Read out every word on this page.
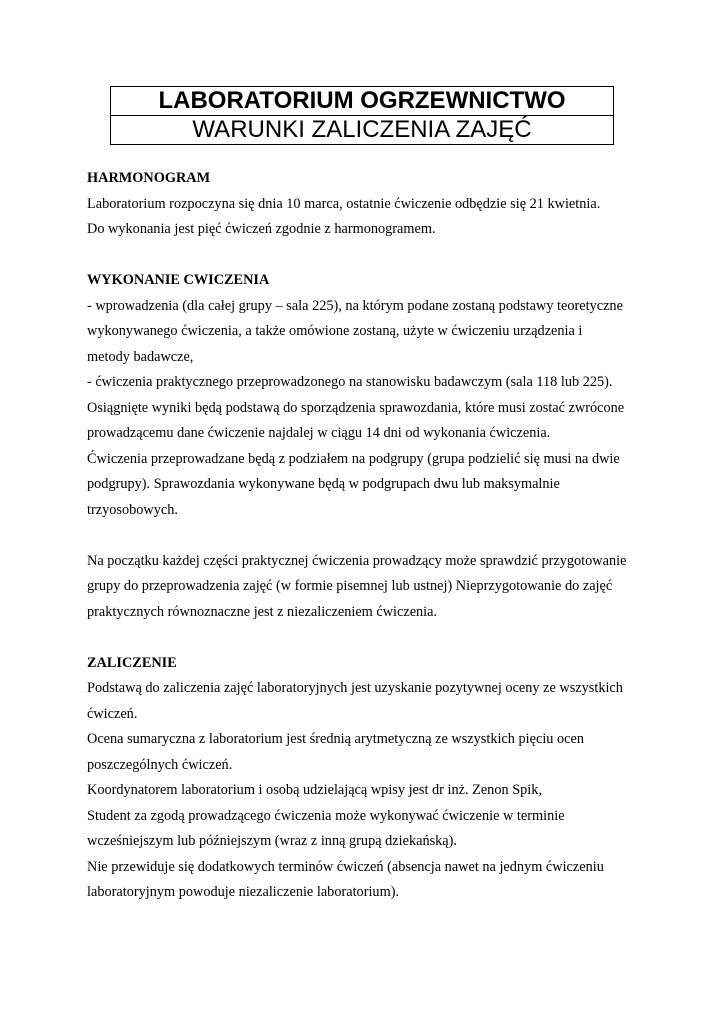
LABORATORIUM OGRZEWNICTWO
WARUNKI ZALICZENIA ZAJĘĆ

HARMONOGRAM

Laboratorium rozpoczyna się dnia 10 marca, ostatnie ćwiczenie odbędzie się 21 kwietnia.

Do wykonania jest pięć ćwiczeń zgodnie z harmonogramem.

WYKONANIE CWICZENIA

- wprowadzenia (dla całej grupy – sala 225), na którym podane zostaną podstawy teoretyczne

wykonywanego ćwiczenia, a także omówione zostaną, użyte w ćwiczeniu urządzenia i

metody badawcze,

- ćwiczenia praktycznego przeprowadzonego na stanowisku badawczym (sala 118 lub 225).

Osiągnięte wyniki będą podstawą do sporządzenia sprawozdania, które musi zostać zwrócone

prowadzącemu dane ćwiczenie najdalej w ciągu 14 dni od wykonania ćwiczenia.

Ćwiczenia przeprowadzane będą z podziałem na podgrupy (grupa podzielić się musi na dwie

podgrupy). Sprawozdania wykonywane będą w podgrupach dwu lub maksymalnie

trzyosobowych.

Na początku każdej części praktycznej ćwiczenia prowadzący może sprawdzić przygotowanie

grupy do przeprowadzenia zajęć (w formie pisemnej lub ustnej) Nieprzygotowanie do zajęć

praktycznych równoznaczne jest z niezaliczeniem ćwiczenia.

ZALICZENIE

Podstawą do zaliczenia zajęć laboratoryjnych jest uzyskanie pozytywnej oceny ze wszystkich

ćwiczeń.

Ocena sumaryczna z laboratorium jest średnią arytmetyczną ze wszystkich pięciu ocen

poszczególnych ćwiczeń.

Koordynatorem laboratorium i osobą udzielającą wpisy jest dr inż. Zenon Spik,

Student za zgodą prowadzącego ćwiczenia może wykonywać ćwiczenie w terminie

wcześniejszym lub późniejszym (wraz z inną grupą dziekańską).

Nie przewiduje się dodatkowych terminów ćwiczeń (absencja nawet na jednym ćwiczeniu

laboratoryjnym powoduje niezaliczenie laboratorium).
